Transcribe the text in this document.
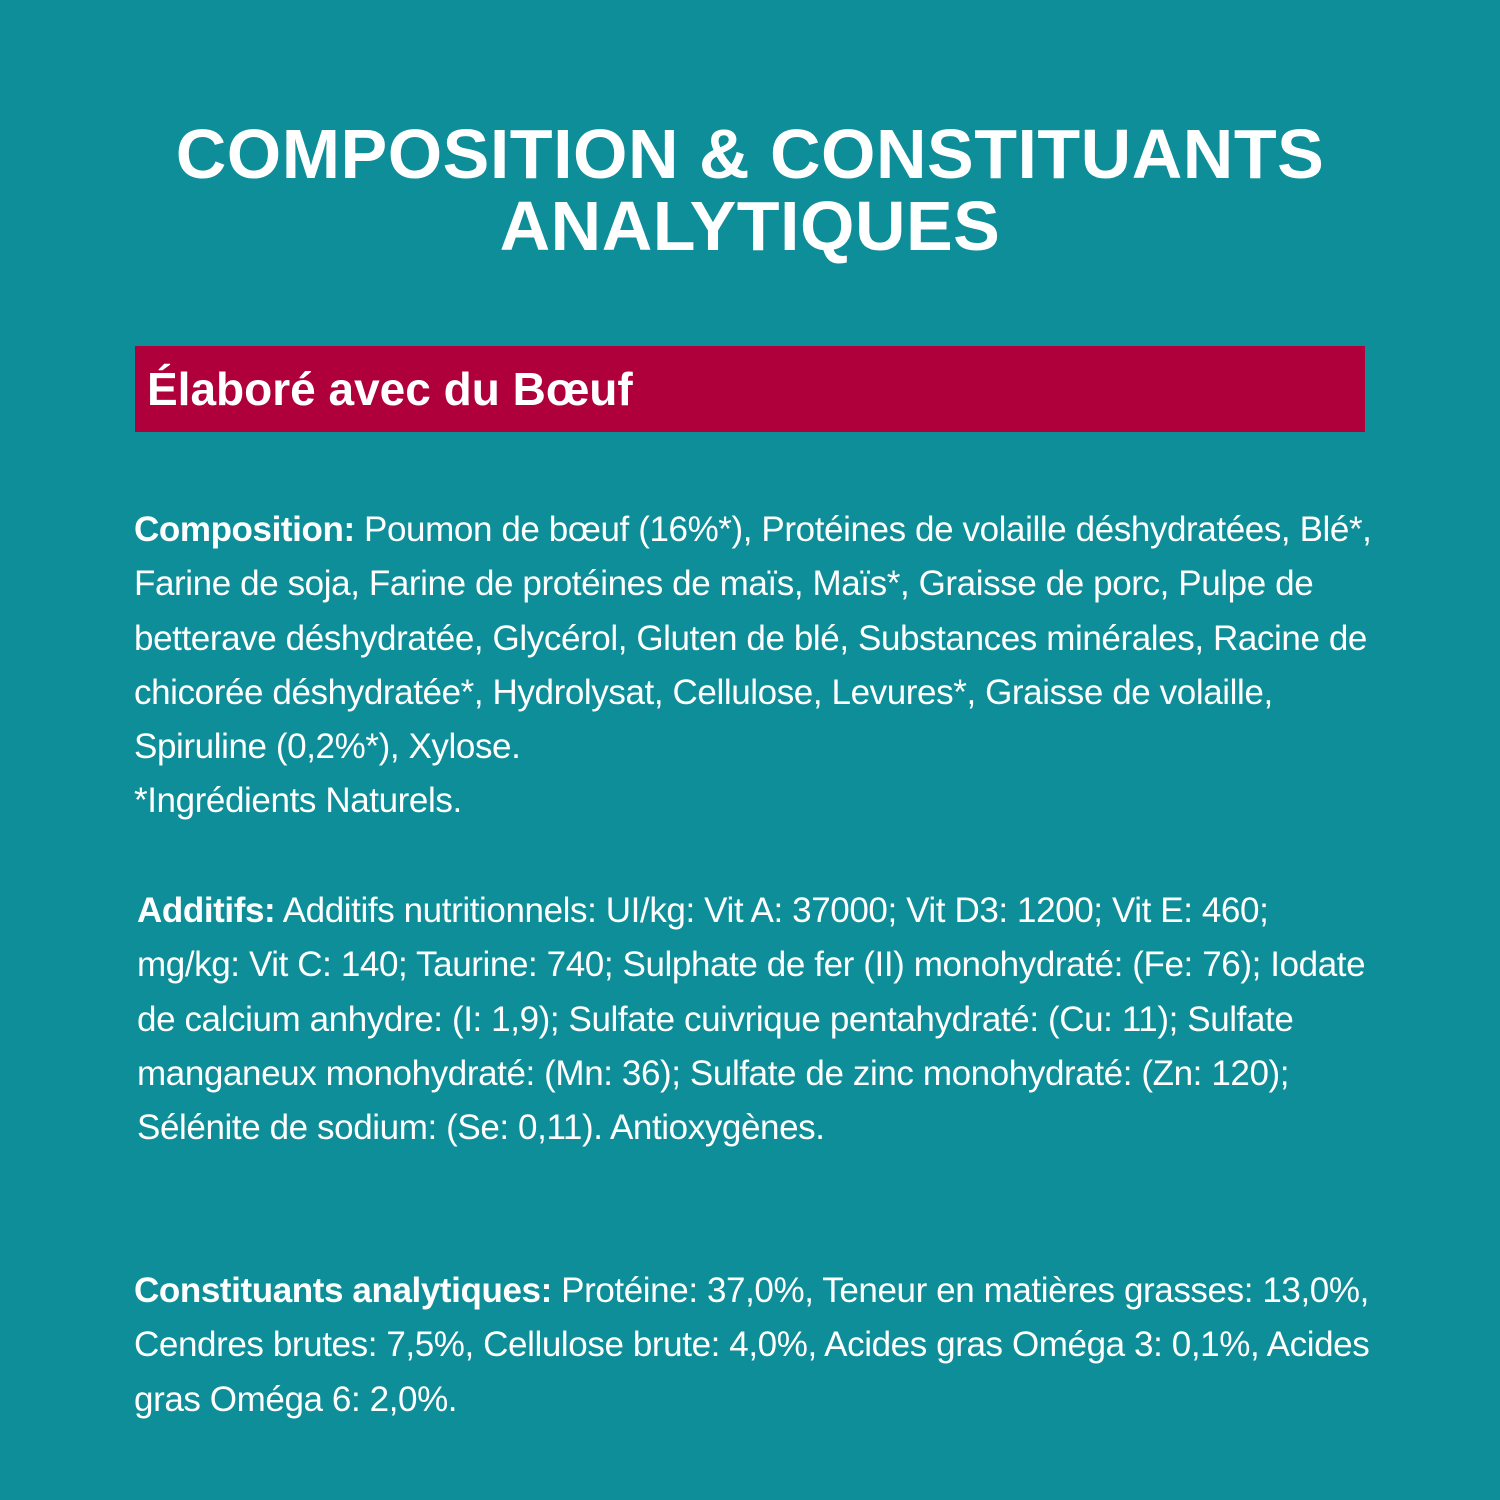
COMPOSITION & CONSTITUANTS
ANALYTIQUES
Élaboré avec du Bœuf

Composition: Poumon de bœuf (16%*), Protéines de volaille déshydratées, Blé*, Farine de soja, Farine de protéines de maïs, Maïs*, Graisse de porc, Pulpe de betterave déshydratée, Glycérol, Gluten de blé, Substances minérales, Racine de chicorée déshydratée*, Hydrolysat, Cellulose, Levures*, Graisse de volaille, Spiruline (0,2%*), Xylose.
*Ingrédients Naturels.

Additifs: Additifs nutritionnels: UI/kg: Vit A: 37000; Vit D3: 1200; Vit E: 460; mg/kg: Vit C: 140; Taurine: 740; Sulphate de fer (II) monohydraté: (Fe: 76); Iodate de calcium anhydre: (I: 1,9); Sulfate cuivrique pentahydraté: (Cu: 11); Sulfate manganeux monohydraté: (Mn: 36); Sulfate de zinc monohydraté: (Zn: 120); Sélénite de sodium: (Se: 0,11). Antioxygènes.

Constituants analytiques: Protéine: 37,0%, Teneur en matières grasses: 13,0%, Cendres brutes: 7,5%, Cellulose brute: 4,0%, Acides gras Oméga 3: 0,1%, Acides gras Oméga 6: 2,0%.
